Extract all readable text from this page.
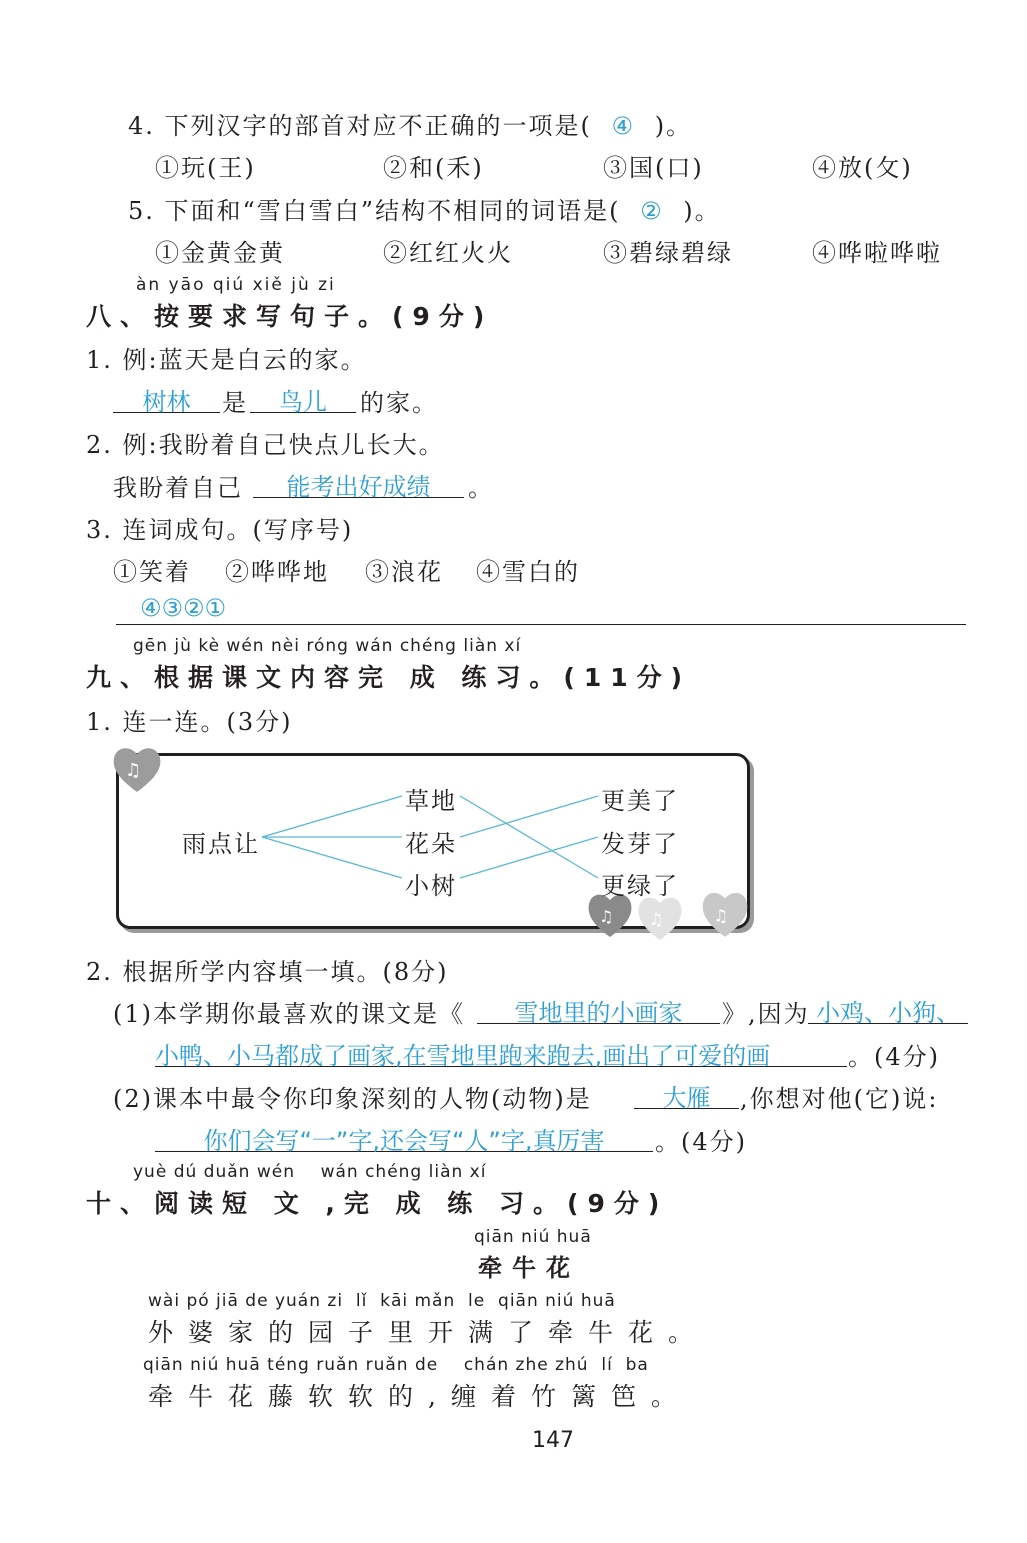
4. 下列汉字的部首对应不正确的一项是( ④ )。
①玩(王)	②和(禾)	③国(口)	④放(攵)
5. 下面和“雪白雪白”结构不相同的词语是( ② )。
①金黄金黄	②红红火火	③碧绿碧绿	④哗啦哗啦
àn yāo qiú xiě jù zi
八、按要求写句子。(9分)
1. 例:蓝天是白云的家。
树林	是	鸟儿	的家。
2. 例:我盼着自己快点儿长大。
我盼着自己	能考出好成绩	。
3. 连词成句。(写序号)
①笑着 ②哗哗地 ③浪花 ④雪白的
④③②①
gēn jù kè wén nèi róng wán chéng liàn xí
九、根据课文内容完 成 练习。(11分)
1. 连一连。(3分)
♫
♫ ♫	♫
雨点让
草地
花朵
小树
更美了
发芽了
更绿了
2. 根据所学内容填一填。(8分)
(1)本学期你最喜欢的课文是《	雪地里的小画家	》,因为 小鸡、小狗、
小鸭、小马都成了画家,在雪地里跑来跑去,画出了可爱的画	。(4分)
(2)课本中最令你印象深刻的人物(动物)是	大雁	,你想对他(它)说:
你们会写“一”字,还会写“人”字,真厉害	。(4分)
yuè dú duǎn wén    wán chéng liàn xí
十、阅读短 文 ,完 成 练 习。(9分)
qiān niú huā
牵牛花
wài pó jiā de yuán zi  lǐ  kāi mǎn  le  qiān niú huā
外婆家的园子里开满了牵牛花。
qiān niú huā téng ruǎn ruǎn de    chán zhe zhú  lí  ba
牵牛花藤软软的,缠着竹篱笆。
147
